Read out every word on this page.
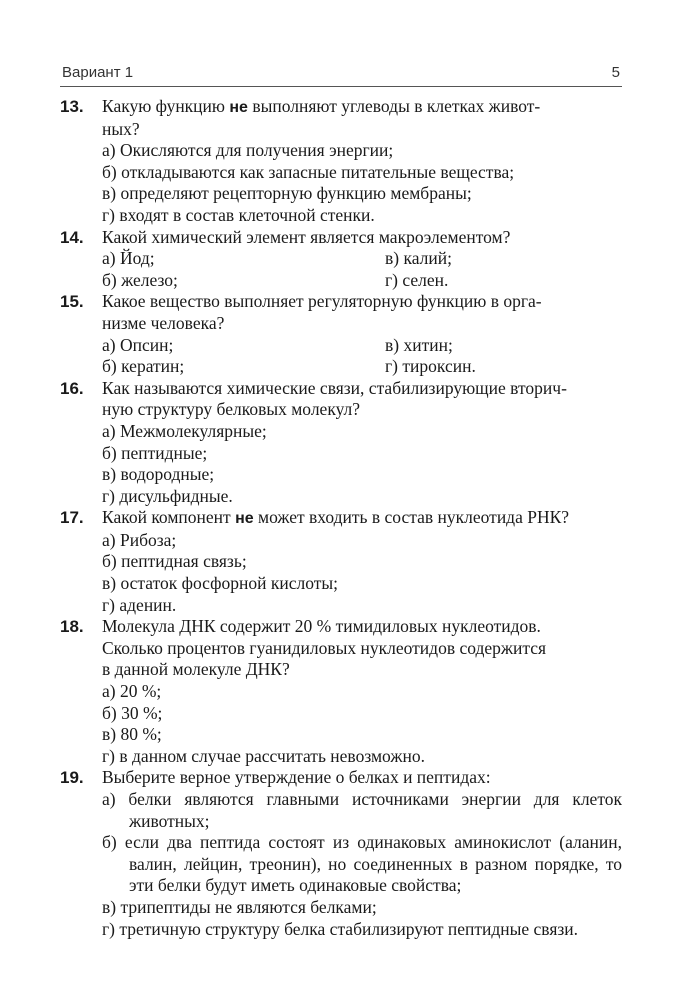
Вариант 1	5
13.	Какую функцию не выполняют углеводы в клетках живот-
ных?
а) Окисляются для получения энергии;
б) откладываются как запасные питательные вещества;
в) определяют рецепторную функцию мембраны;
г) входят в состав клеточной стенки.
14.	Какой химический элемент является макроэлементом?
а) Йод;	в) калий;
б) железо;	г) селен.
15.	Какое вещество выполняет регуляторную функцию в орга-
низме человека?
а) Опсин;	в) хитин;
б) кератин;	г) тироксин.
16.	Как называются химические связи, стабилизирующие вторич-
ную структуру белковых молекул?
а) Межмолекулярные;
б) пептидные;
в) водородные;
г) дисульфидные.
17.	Какой компонент не может входить в состав нуклеотида РНК?
а) Рибоза;
б) пептидная связь;
в) остаток фосфорной кислоты;
г) аденин.
18.	Молекула ДНК содержит 20 % тимидиловых нуклеотидов.
Сколько процентов гуанидиловых нуклеотидов содержится
в данной молекуле ДНК?
а) 20 %;
б) 30 %;
в) 80 %;
г) в данном случае рассчитать невозможно.
19.	Выберите верное утверждение о белках и пептидах:
а) белки являются главными источниками энергии для клеток животных;
б) если два пептида состоят из одинаковых аминокислот (аланин, валин, лейцин, треонин), но соединенных в разном порядке, то эти белки будут иметь одинаковые свойства;
в) трипептиды не являются белками;
г) третичную структуру белка стабилизируют пептидные связи.
